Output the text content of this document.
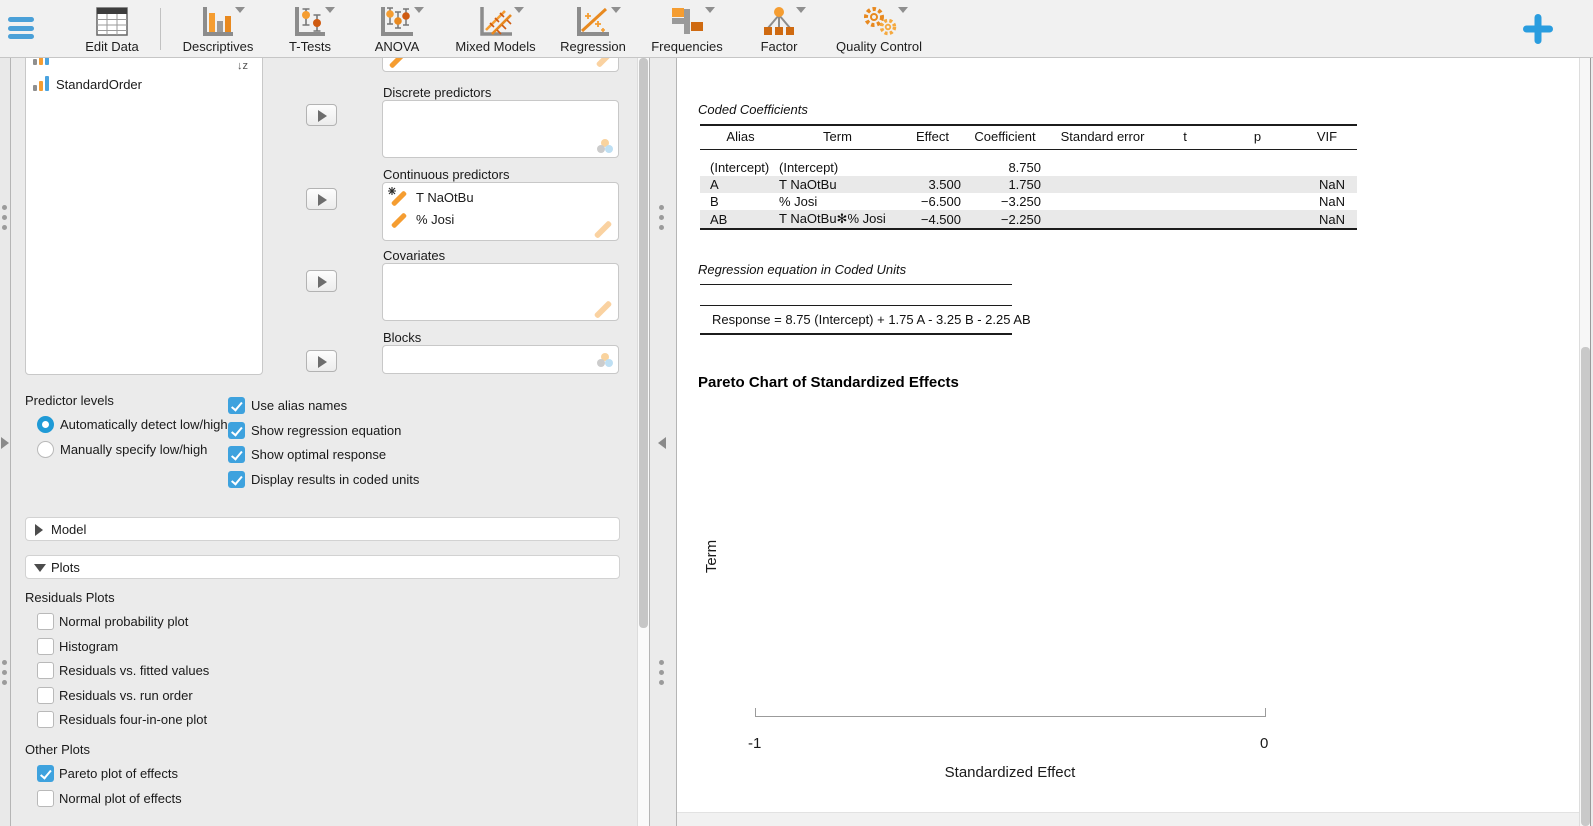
↓z
StandardOrder
Discrete predictors
Continuous predictors
T NaOtBu
% Josi
Covariates
Blocks
Predictor levels
Automatically detect low/high
Manually specify low/high
Use alias names
Show regression equation
Show optimal response
Display results in coded units
Model
Plots
Residuals Plots
Normal probability plot
Histogram
Residuals vs. fitted values
Residuals vs. run order
Residuals four-in-one plot
Other Plots
Pareto plot of effects
Normal plot of effects
Coded Coefficients
Alias	Term	Effect	Coefficient	Standard error	t	p	VIF
(Intercept)	(Intercept)		8.750				
A	T NaOtBu	3.500	1.750				NaN
B	% Josi	−6.500	−3.250				NaN
AB	T NaOtBu✻% Josi	−4.500	−2.250				NaN
Regression equation in Coded Units
Response = 8.75 (Intercept) + 1.75 A - 3.25 B - 2.25 AB
Pareto Chart of Standardized Effects
Term
-1	0
Standardized Effect
Edit Data	Descriptives	T-Tests	ANOVA	Mixed Models	Regression	Frequencies	Factor	Quality Control
